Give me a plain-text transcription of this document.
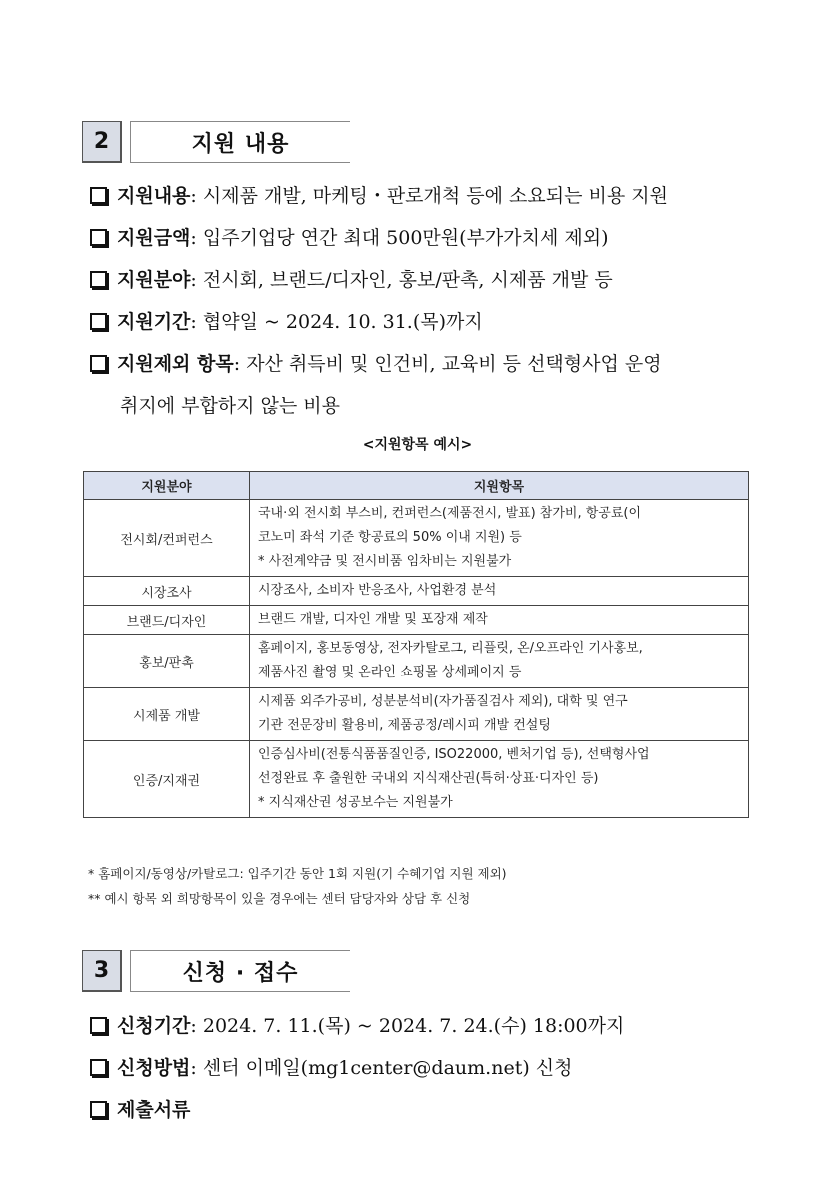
2	지원 내용
지원내용: 시제품 개발, 마케팅・판로개척 등에 소요되는 비용 지원
지원금액: 입주기업당 연간 최대 500만원(부가가치세 제외)
지원분야: 전시회, 브랜드/디자인, 홍보/판촉, 시제품 개발 등
지원기간: 협약일 ~ 2024. 10. 31.(목)까지
지원제외 항목: 자산 취득비 및 인건비, 교육비 등 선택형사업 운영
취지에 부합하지 않는 비용
<지원항목 예시>
지원분야	지원항목
전시회/컨퍼런스	국내·외 전시회 부스비, 컨퍼런스(제품전시, 발표) 참가비, 항공료(이
코노미 좌석 기준 항공료의 50% 이내 지원) 등
* 사전계약금 및 전시비품 임차비는 지원불가

시장조사	시장조사, 소비자 반응조사, 사업환경 분석

브랜드/디자인	브랜드 개발, 디자인 개발 및 포장재 제작

홍보/판촉	홈페이지, 홍보동영상, 전자카탈로그, 리플릿, 온/오프라인 기사홍보,
제품사진 촬영 및 온라인 쇼핑몰 상세페이지 등

시제품 개발	시제품 외주가공비, 성분분석비(자가품질검사 제외), 대학 및 연구
기관 전문장비 활용비, 제품공정/레시피 개발 컨설팅

인증/지재권	인증심사비(전통식품품질인증, ISO22000, 벤처기업 등), 선택형사업
선정완료 후 출원한 국내외 지식재산권(특허·상표·디자인 등)
* 지식재산권 성공보수는 지원불가
* 홈페이지/동영상/카탈로그: 입주기간 동안 1회 지원(기 수혜기업 지원 제외)
** 예시 항목 외 희망항목이 있을 경우에는 센터 담당자와 상담 후 신청
3	신청 · 접수
신청기간: 2024. 7. 11.(목) ~ 2024. 7. 24.(수) 18:00까지
신청방법: 센터 이메일(mg1center@daum.net) 신청
제출서류
